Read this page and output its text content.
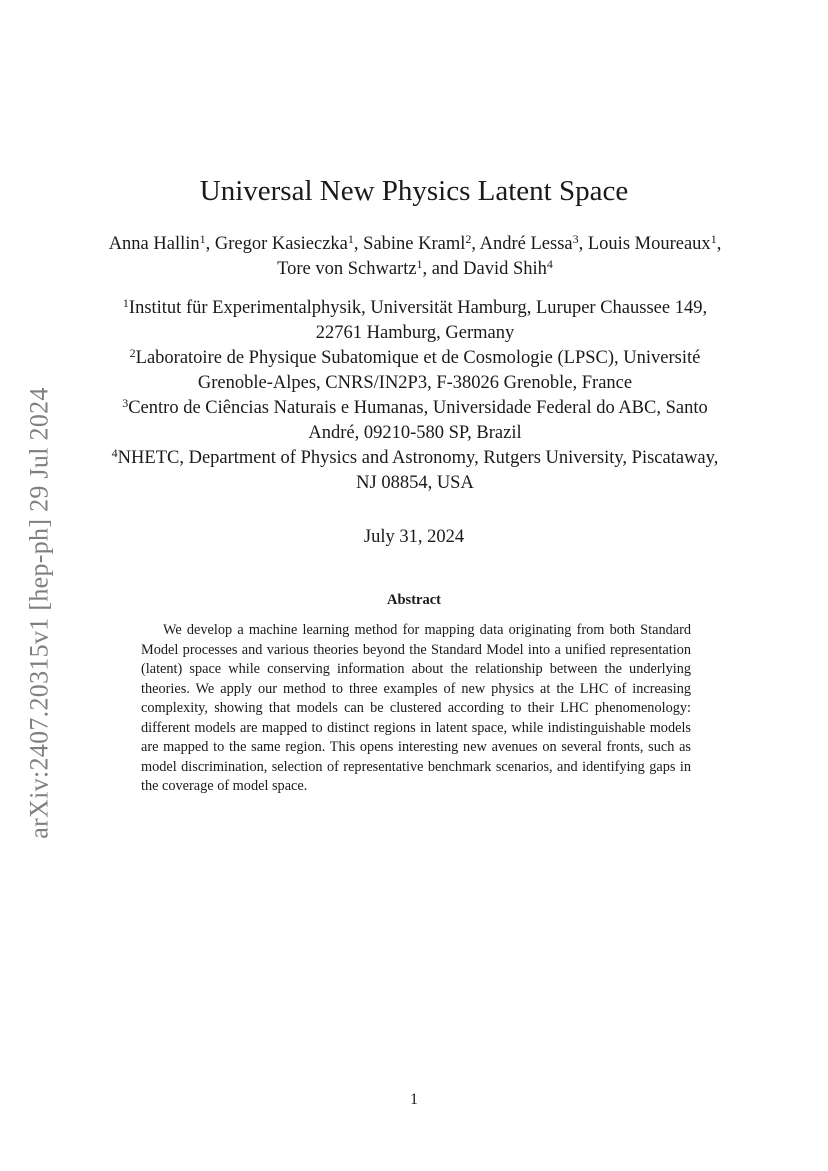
arXiv:2407.20315v1 [hep-ph] 29 Jul 2024
Universal New Physics Latent Space
Anna Hallin$^1$, Gregor Kasieczka$^1$, Sabine Kraml$^2$, André Lessa$^3$, Louis Moureaux$^1$, Tore von Schwartz$^1$, and David Shih$^4$

$^1$Institut für Experimentalphysik, Universität Hamburg, Luruper Chaussee 149, 22761 Hamburg, Germany

$^2$Laboratoire de Physique Subatomique et de Cosmologie (LPSC), Université Grenoble-Alpes, CNRS/IN2P3, F-38026 Grenoble, France

$^3$Centro de Ciências Naturais e Humanas, Universidade Federal do ABC, Santo André, 09210-580 SP, Brazil

$^4$NHETC, Department of Physics and Astronomy, Rutgers University, Piscataway, NJ 08854, USA

July 31, 2024
Abstract

We develop a machine learning method for mapping data originating from both Standard Model processes and various theories beyond the Standard Model into a unified representation (latent) space while conserving information about the relationship between the underlying theories. We apply our method to three examples of new physics at the LHC of increasing complexity, showing that models can be clustered according to their LHC phenomenology: different models are mapped to distinct regions in latent space, while indistinguishable models are mapped to the same region. This opens interesting new avenues on several fronts, such as model discrimination, selection of representative benchmark scenarios, and identifying gaps in the coverage of model space.

1
